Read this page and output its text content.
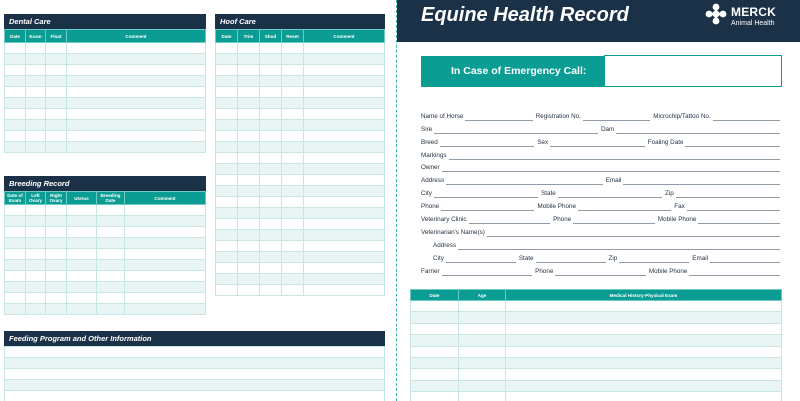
Dental Care
Date	Exam	Float	Comment

Breeding Record
Date of Exam	Left Ovary	Right Ovary	Uterus	Breeding Date	Comment

Hoof Care
Date	Trim	Shod	Reset	Comment

Feeding Program and Other Information

Equine Health Record	MERCK
Animal Health
In Case of Emergency Call:
Name of Horse	Registration No.	Microchip/Tattoo No.
Sire	Dam
Breed	Sex	Foaling Date
Markings
Owner
Address	Email
City	State	Zip
Phone	Mobile Phone	Fax
Veterinary Clinic	Phone	Mobile Phone
Veterinarian's Name(s)
Address
City	State	Zip	Email
Farrier	Phone	Mobile Phone
Date	Age	Medical History-Physical Exam
